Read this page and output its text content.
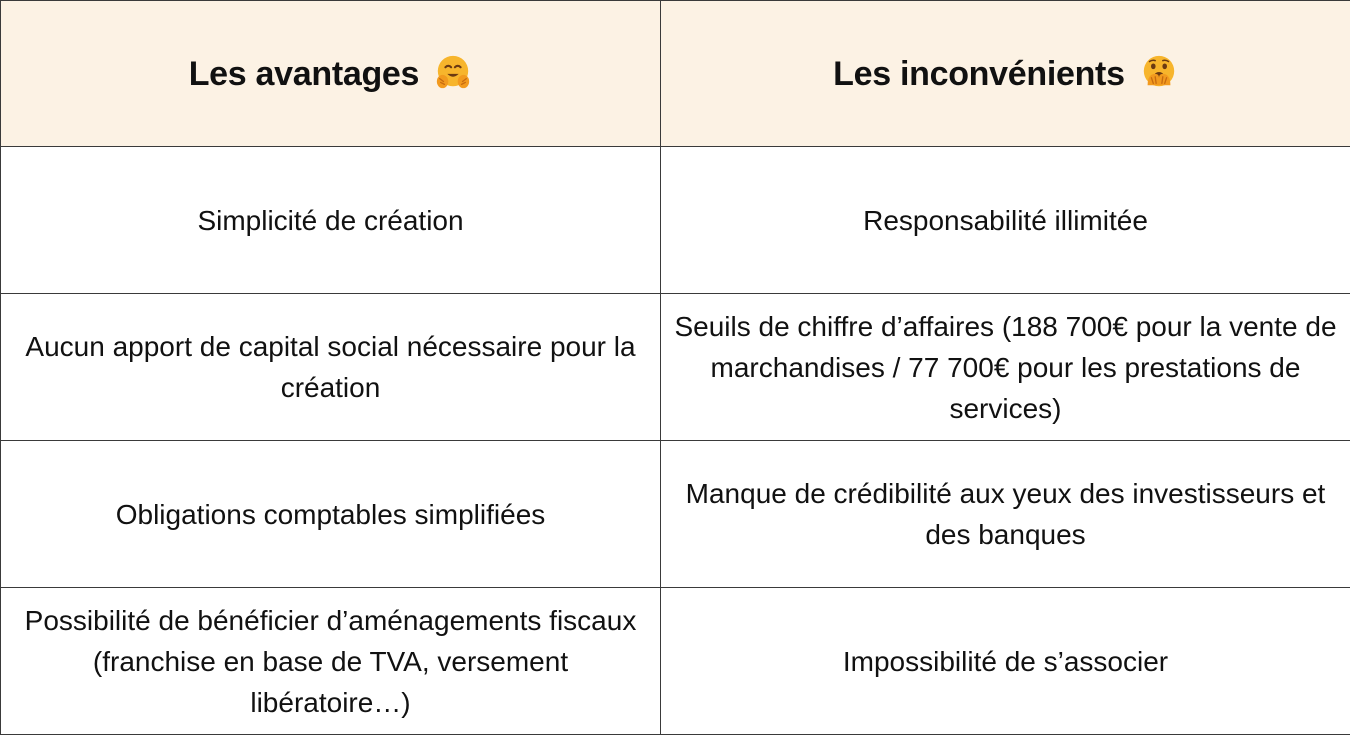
Les avantages	Les inconvénients
Simplicité de création	Responsabilité illimitée
Aucun apport de capital social nécessaire pour la création	Seuils de chiffre d’affaires (188 700€ pour la vente de marchandises / 77 700€ pour les prestations de services)
Obligations comptables simplifiées	Manque de crédibilité aux yeux des investisseurs et des banques
Possibilité de bénéficier d’aménagements fiscaux (franchise en base de TVA, versement libératoire…)	Impossibilité de s’associer
